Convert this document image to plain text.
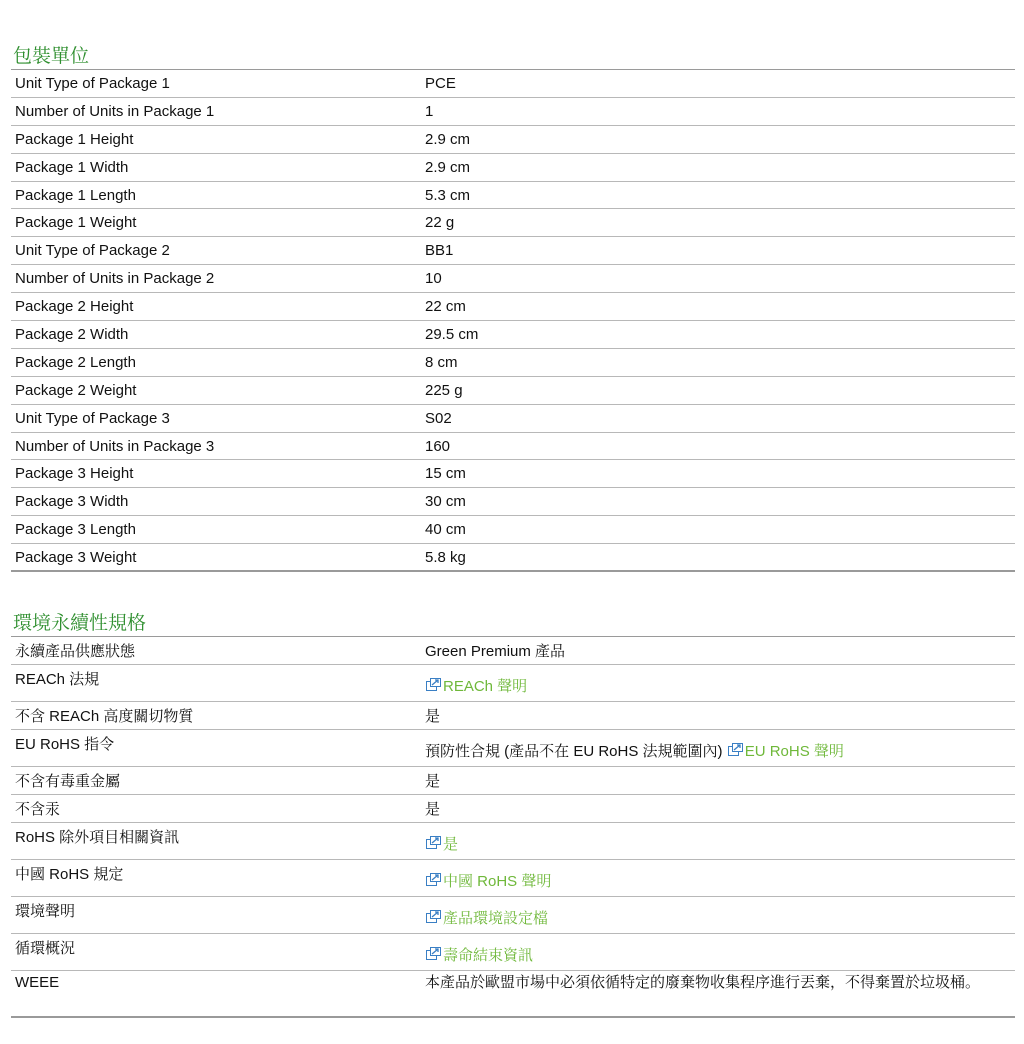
包裝單位
Unit Type of Package 1	PCE
Number of Units in Package 1	1
Package 1 Height	2.9 cm
Package 1 Width	2.9 cm
Package 1 Length	5.3 cm
Package 1 Weight	22 g
Unit Type of Package 2	BB1
Number of Units in Package 2	10
Package 2 Height	22 cm
Package 2 Width	29.5 cm
Package 2 Length	8 cm
Package 2 Weight	225 g
Unit Type of Package 3	S02
Number of Units in Package 3	160
Package 3 Height	15 cm
Package 3 Width	30 cm
Package 3 Length	40 cm
Package 3 Weight	5.8 kg
環境永續性規格
永續產品供應狀態	Green Premium 產品
REACh 法規	REACh 聲明
不含 REACh 高度關切物質	是
EU RoHS 指令	預防性合規 (產品不在 EU RoHS 法規範圍內) EU RoHS 聲明
不含有毒重金屬	是
不含汞	是
RoHS 除外項目相關資訊	是
中國 RoHS 規定	中國 RoHS 聲明
環境聲明	產品環境設定檔
循環概況	壽命結束資訊
WEEE	本產品於歐盟市場中必須依循特定的廢棄物收集程序進行丟棄，不得棄置於垃圾桶。
